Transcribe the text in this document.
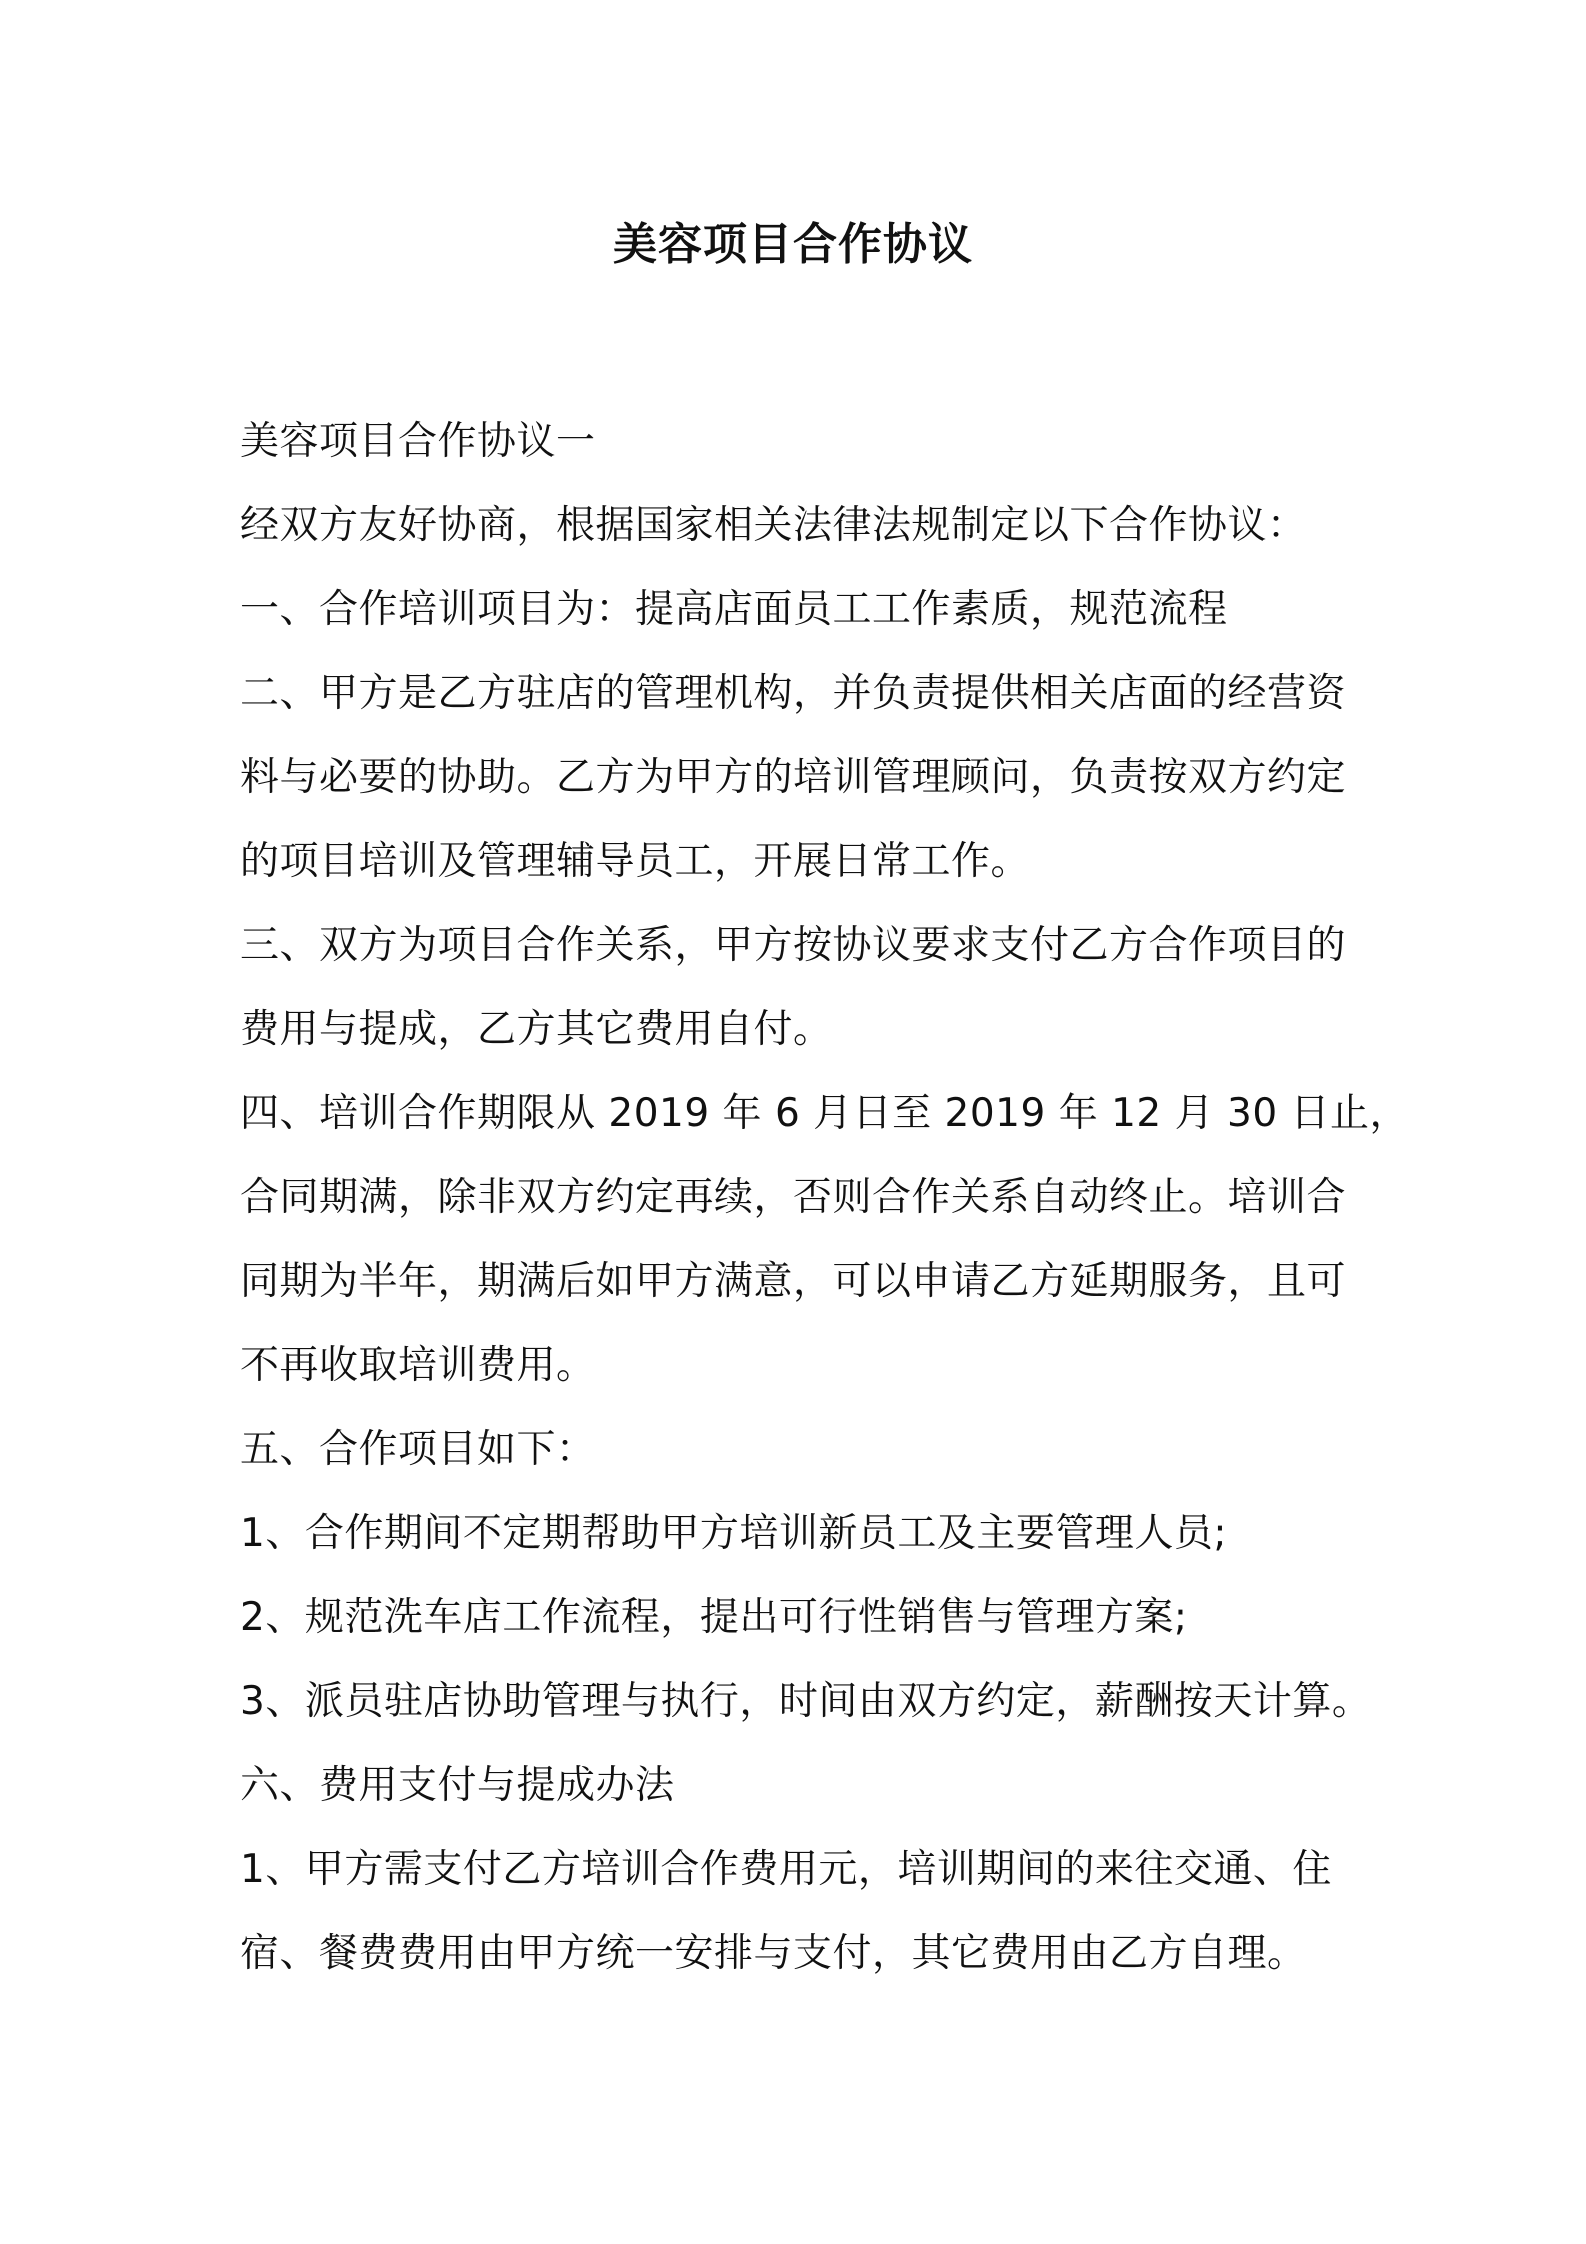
美容项目合作协议

美容项目合作协议一

经双方友好协商，根据国家相关法律法规制定以下合作协议：

一、合作培训项目为：提高店面员工工作素质，规范流程

二、甲方是乙方驻店的管理机构，并负责提供相关店面的经营资

料与必要的协助。乙方为甲方的培训管理顾问，负责按双方约定

的项目培训及管理辅导员工，开展日常工作。

三、双方为项目合作关系，甲方按协议要求支付乙方合作项目的

费用与提成，乙方其它费用自付。

四、培训合作期限从 2019 年 6 月日至 2019 年 12 月 30 日止，

合同期满，除非双方约定再续，否则合作关系自动终止。培训合

同期为半年，期满后如甲方满意，可以申请乙方延期服务，且可

不再收取培训费用。

五、合作项目如下：

1、合作期间不定期帮助甲方培训新员工及主要管理人员;

2、规范洗车店工作流程，提出可行性销售与管理方案;

3、派员驻店协助管理与执行，时间由双方约定，薪酬按天计算。

六、费用支付与提成办法

1、甲方需支付乙方培训合作费用元，培训期间的来往交通、住

宿、餐费费用由甲方统一安排与支付，其它费用由乙方自理。
